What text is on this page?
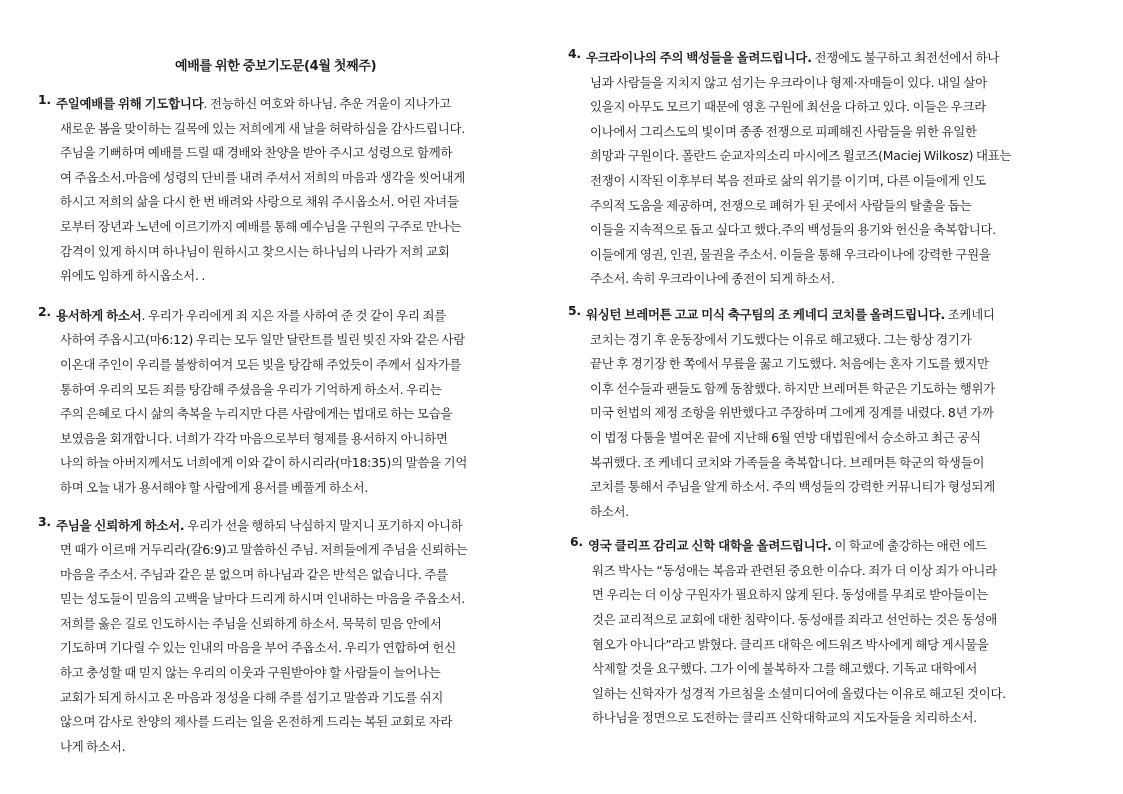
예배를 위한 중보기도문(4월 첫째주)
1. 주일예배를 위해 기도합니다. 전능하신 여호와 하나님. 추운 겨울이 지나가고
새로운 봄을 맞이하는 길목에 있는 저희에게 새 날을 허락하심을 감사드립니다.
주님을 기뻐하며 예배를 드릴 때 경배와 찬양을 받아 주시고 성령으로 함께하
여 주옵소서.마음에 성령의 단비를 내려 주셔서 저희의 마음과 생각을 씻어내게
하시고 저희의 삶을 다시 한 번 배려와 사랑으로 채워 주시옵소서. 어린 자녀들
로부터 장년과 노년에 이르기까지 예배를 통해 예수님을 구원의 구주로 만나는
감격이 있게 하시며 하나님이 원하시고 찾으시는 하나님의 나라가 저희 교회
위에도 임하게 하시옵소서. .
2. 용서하게 하소서. 우리가 우리에게 죄 지은 자를 사하여 준 것 같이 우리 죄를
사하여 주옵시고(마6:12) 우리는 모두 일만 달란트를 빌린 빚진 자와 같은 사람
이온대 주인이 우리를 불쌍히여겨 모든 빚을 탕감해 주었듯이 주께서 십자가를
통하여 우리의 모든 죄를 탕감해 주셨음을 우리가 기억하게 하소서. 우리는
주의 은혜로 다시 삶의 축복을 누리지만 다른 사람에게는 법대로 하는 모습을
보였음을 회개합니다. 너희가 각각 마음으로부터 형제를 용서하지 아니하면
나의 하늘 아버지께서도 너희에게 이와 같이 하시리라(마18:35)의 말씀을 기억
하며 오늘 내가 용서해야 할 사람에게 용서를 베풀게 하소서.
3. 주님을 신뢰하게 하소서. 우리가 선을 행하되 낙심하지 말지니 포기하지 아니하
면 때가 이르매 거두리라(갈6:9)고 말씀하신 주님. 저희들에게 주님을 신뢰하는
마음을 주소서. 주님과 같은 분 없으며 하나님과 같은 반석은 없습니다. 주를
믿는 성도들이 믿음의 고백을 날마다 드리게 하시며 인내하는 마음을 주옵소서.
저희를 옳은 길로 인도하시는 주님을 신뢰하게 하소서. 묵묵히 믿음 안에서
기도하며 기다릴 수 있는 인내의 마음을 부어 주옵소서. 우리가 연합하여 헌신
하고 충성할 때 믿지 않는 우리의 이웃과 구원받아야 할 사람들이 늘어나는
교회가 되게 하시고 온 마음과 정성을 다해 주를 섬기고 말씀과 기도를 쉬지
않으며 감사로 찬양의 제사를 드리는 일을 온전하게 드리는 복된 교회로 자라
나게 하소서.
4. 우크라이나의 주의 백성들을 올려드립니다. 전쟁에도 불구하고 최전선에서 하나
님과 사람들을 지치지 않고 섬기는 우크라이나 형제·자매들이 있다. 내일 살아
있을지 아무도 모르기 때문에 영혼 구원에 최선을 다하고 있다. 이들은 우크라
이나에서 그리스도의 빛이며 종종 전쟁으로 피폐해진 사람들을 위한 유일한
희망과 구원이다. 폴란드 순교자의소리 마시에즈 윌코즈(Maciej Wilkosz) 대표는
전쟁이 시작된 이후부터 복음 전파로 삶의 위기를 이기며, 다른 이들에게 인도
주의적 도움을 제공하며, 전쟁으로 폐허가 된 곳에서 사람들의 탈출을 돕는
이들을 지속적으로 돕고 싶다고 했다.주의 백성들의 용기와 헌신을 축복합니다.
이들에게 영권, 인권, 물권을 주소서. 이들을 통해 우크라이나에 강력한 구원을
주소서. 속히 우크라이나에 종전이 되게 하소서.
5. 워싱턴 브레머튼 고교 미식 축구팀의 조 케네디 코치를 올려드립니다. 조케네디
코치는 경기 후 운동장에서 기도했다는 이유로 해고됐다. 그는 항상 경기가
끝난 후 경기장 한 쪽에서 무릎을 꿇고 기도했다. 처음에는 혼자 기도를 했지만
이후 선수들과 팬들도 함께 동참했다. 하지만 브레머튼 학군은 기도하는 행위가
미국 헌법의 제정 조항을 위반했다고 주장하며 그에게 징계를 내렸다. 8년 가까
이 법정 다툼을 벌여온 끝에 지난해 6월 연방 대법원에서 승소하고 최근 공식
복귀했다. 조 케네디 코치와 가족들을 축복합니다. 브레머튼 학군의 학생들이
코치를 통해서 주님을 알게 하소서. 주의 백성들의 강력한 커뮤니티가 형성되게
하소서.
6. 영국 클리프 감리교 신학 대학을 올려드립니다. 이 학교에 출강하는 애런 에드
워즈 박사는 “동성애는 복음과 관련된 중요한 이슈다. 죄가 더 이상 죄가 아니라
면 우리는 더 이상 구원자가 필요하지 않게 된다. 동성애를 무죄로 받아들이는
것은 교리적으로 교회에 대한 침략이다. 동성애를 죄라고 선언하는 것은 동성애
혐오가 아니다”라고 밝혔다. 클리프 대학은 에드워즈 박사에게 해당 게시물을
삭제할 것을 요구했다. 그가 이에 불복하자 그를 해고했다. 기독교 대학에서
일하는 신학자가 성경적 가르침을 소셜미디어에 올렸다는 이유로 해고된 것이다.
하나님을 정면으로 도전하는 클리프 신학대학교의 지도자들을 치리하소서.
